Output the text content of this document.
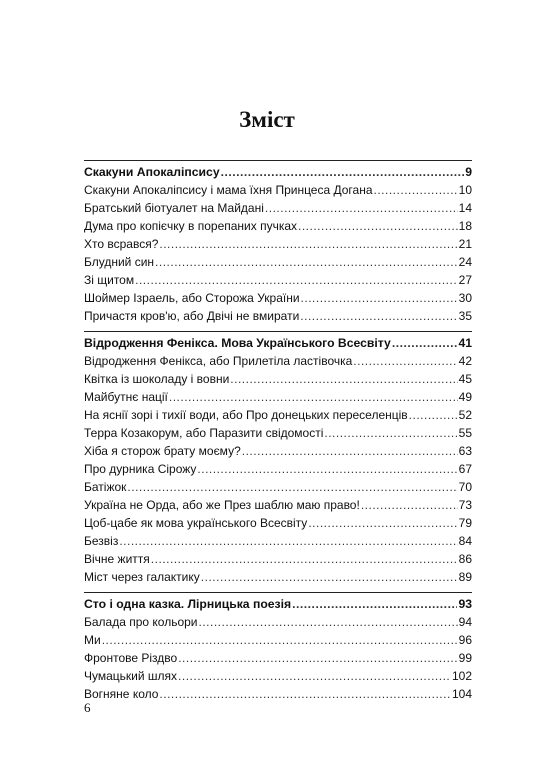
Зміст
Скакуни Апокаліпсису .....	9
Скакуни Апокаліпсису і мама їхня Принцеса Догана .....	10
Братський біотуалет на Майдані .....	14
Дума про копієчку в порепаних пучках .....	18
Хто всрався? .....	21
Блудний син .....	24
Зі щитом .....	27
Шоймер Ізраель, або Сторожа України .....	30
Причастя кров'ю, або Двічі не вмирати .....	35
Відродження Фенікса. Мова Українського Всесвіту .....	41
Відродження Фенікса, або Прилетіла ластівочка .....	42
Квітка із шоколаду і вовни .....	45
Майбутнє нації .....	49
На яснії зорі і тихії води, або Про донецьких переселенців .....	52
Терра Козакорум, або Паразити свідомості .....	55
Хіба я сторож брату моєму? .....	63
Про дурника Сірожу .....	67
Батіжок .....	70
Україна не Орда, або же През шаблю маю право! .....	73
Цоб-цабе як мова українського Всесвіту .....	79
Безвіз .....	84
Вічне життя .....	86
Міст через галактику .....	89
Сто і одна казка. Лірницька поезія .....	93
Балада про кольори .....	94
Ми .....	96
Фронтове Різдво .....	99
Чумацький шлях .....	102
Вогняне коло .....	104
6
